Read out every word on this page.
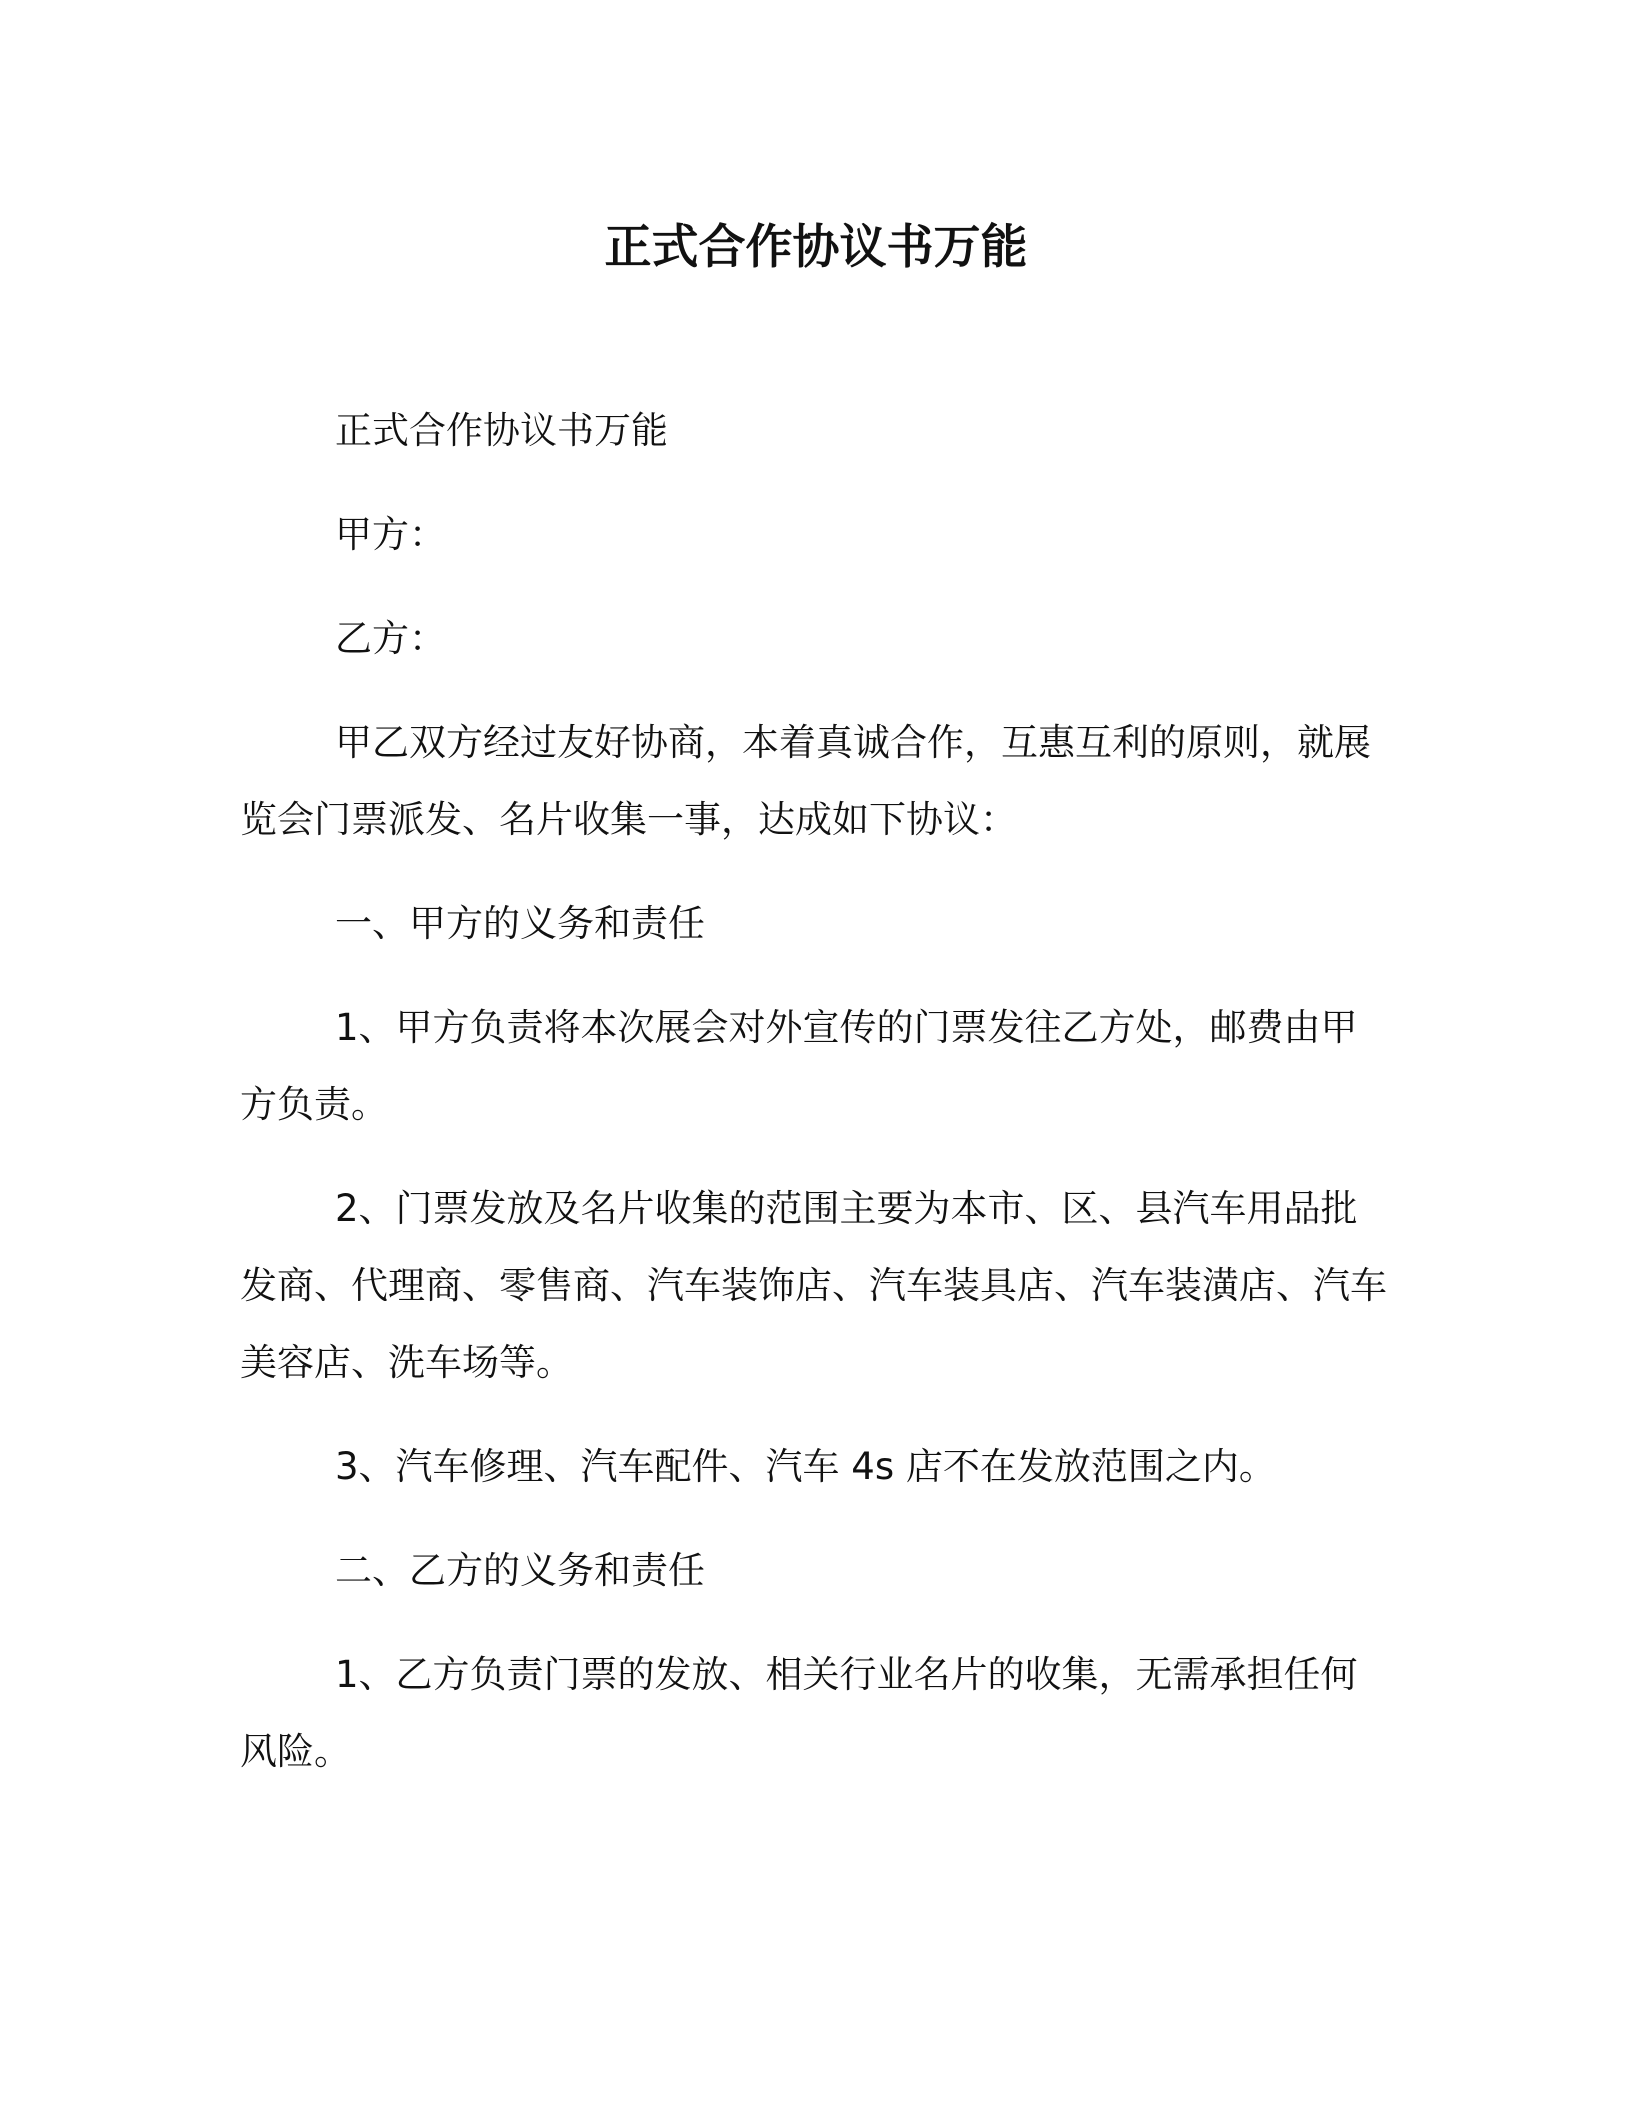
正式合作协议书万能

正式合作协议书万能

甲方：

乙方：

甲乙双方经过友好协商，本着真诚合作，互惠互利的原则，就展览会门票派发、名片收集一事，达成如下协议：

一、甲方的义务和责任

1、甲方负责将本次展会对外宣传的门票发往乙方处，邮费由甲方负责。

2、门票发放及名片收集的范围主要为本市、区、县汽车用品批发商、代理商、零售商、汽车装饰店、汽车装具店、汽车装潢店、汽车美容店、洗车场等。

3、汽车修理、汽车配件、汽车 4s 店不在发放范围之内。

二、乙方的义务和责任

1、乙方负责门票的发放、相关行业名片的收集，无需承担任何风险。
